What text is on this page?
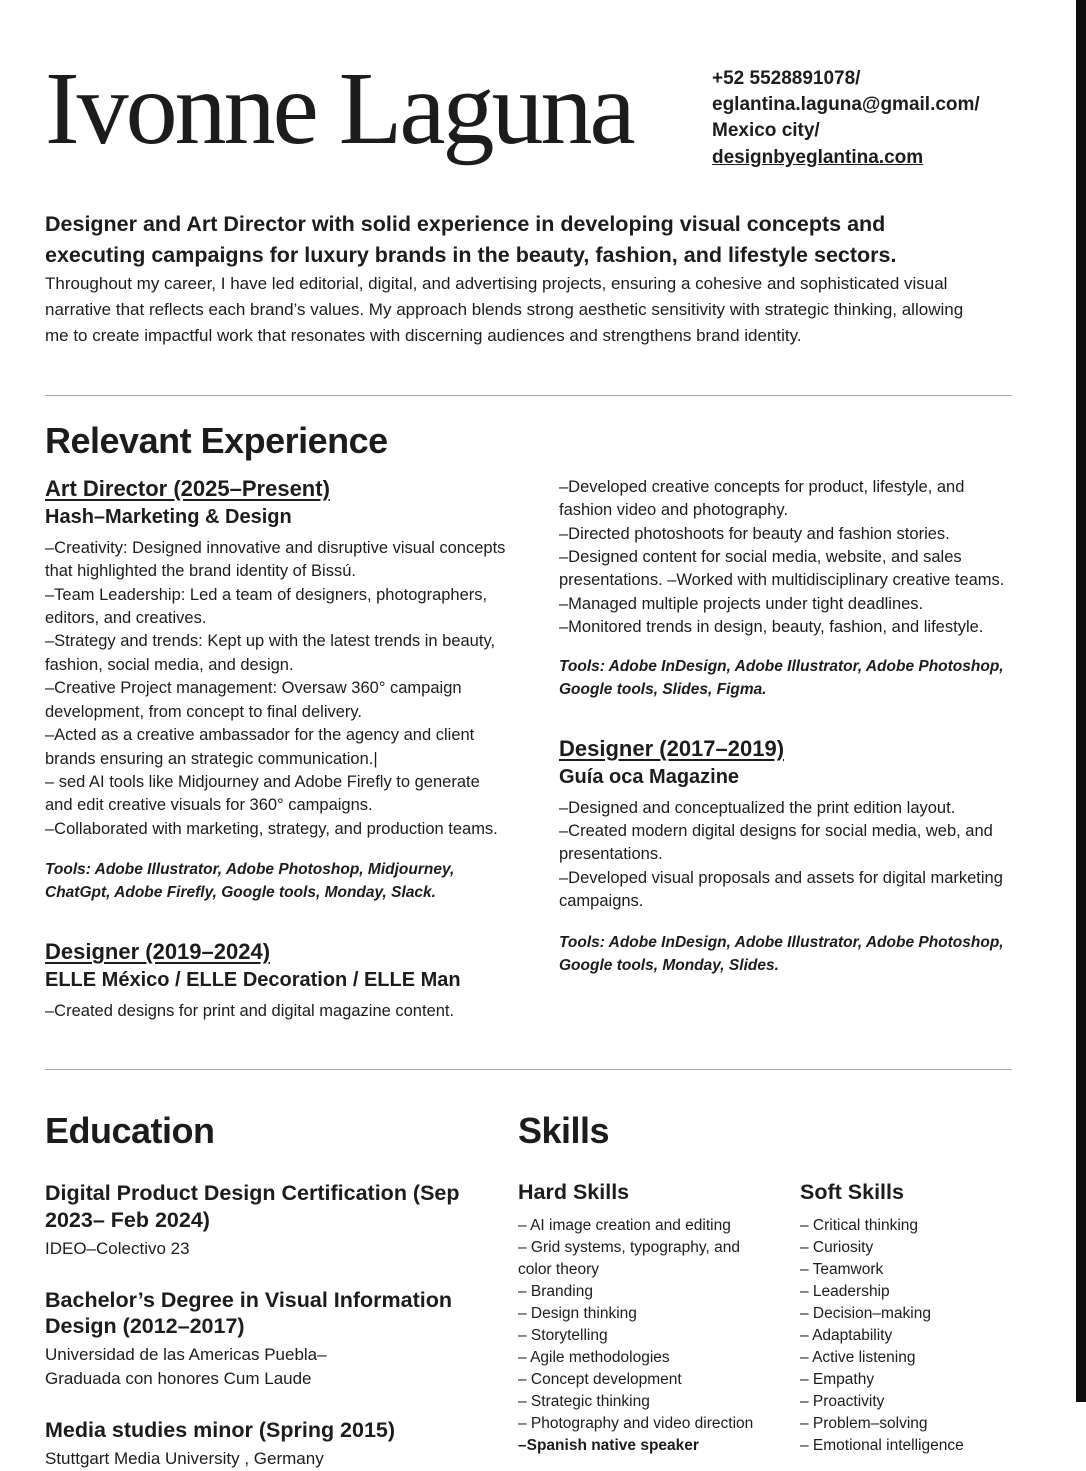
Ivonne Laguna	+52 5528891078/
eglantina.laguna@gmail.com/
Mexico city/
designbyeglantina.com

Designer and Art Director with solid experience in developing visual concepts and executing campaigns for luxury brands in the beauty, fashion, and lifestyle sectors. Throughout my career, I have led editorial, digital, and advertising projects, ensuring a cohesive and sophisticated visual narrative that reflects each brand’s values. My approach blends strong aesthetic sensitivity with strategic thinking, allowing me to create impactful work that resonates with discerning audiences and strengthens brand identity.

Relevant Experience
Art Director (2025–Present)
Hash–Marketing & Design

–Creativity: Designed innovative and disruptive visual concepts that highlighted the brand identity of Bissú.

–Team Leadership: Led a team of designers, photographers, editors, and creatives.

–Strategy and trends: Kept up with the latest trends in beauty, fashion, social media, and design.

–Creative Project management: Oversaw 360° campaign development, from concept to final delivery.

–Acted as a creative ambassador for the agency and client brands ensuring an strategic communication.|

– sed AI tools like Midjourney and Adobe Firefly to generate and edit creative visuals for 360° campaigns.

–Collaborated with marketing, strategy, and production teams.

Tools: Adobe Illustrator, Adobe Photoshop, Midjourney, ChatGpt, Adobe Firefly, Google tools, Monday, Slack.

Designer (2019–2024)
ELLE México / ELLE Decoration / ELLE Man

–Created designs for print and digital magazine content.

–Developed creative concepts for product, lifestyle, and fashion video and photography.

–Directed photoshoots for beauty and fashion stories.

–Designed content for social media, website, and sales presentations. –Worked with multidisciplinary creative teams.

–Managed multiple projects under tight deadlines.

–Monitored trends in design, beauty, fashion, and lifestyle.

Tools: Adobe InDesign, Adobe Illustrator, Adobe Photoshop, Google tools, Slides, Figma.

Designer (2017–2019)
Guía oca Magazine

–Designed and conceptualized the print edition layout.

–Created modern digital designs for social media, web, and presentations.

–Developed visual proposals and assets for digital marketing campaigns.

Tools: Adobe InDesign, Adobe Illustrator, Adobe Photoshop, Google tools, Monday, Slides.

Education
Digital Product Design Certification (Sep 2023– Feb 2024)

IDEO–Colectivo 23

Bachelor’s Degree in Visual Information Design (2012–2017)

Universidad de las Americas Puebla– Graduada con honores Cum Laude

Media studies minor (Spring 2015)

Stuttgart Media University , Germany

Skills
Hard Skills

– AI image creation and editing

– Grid systems, typography, and color theory

– Branding

– Design thinking

– Storytelling

– Agile methodologies

– Concept development

– Strategic thinking

– Photography and video direction

–Spanish native speaker

Soft Skills

– Critical thinking

– Curiosity

– Teamwork

– Leadership

– Decision–making

– Adaptability

– Active listening

– Empathy

– Proactivity

– Problem–solving

– Emotional intelligence
